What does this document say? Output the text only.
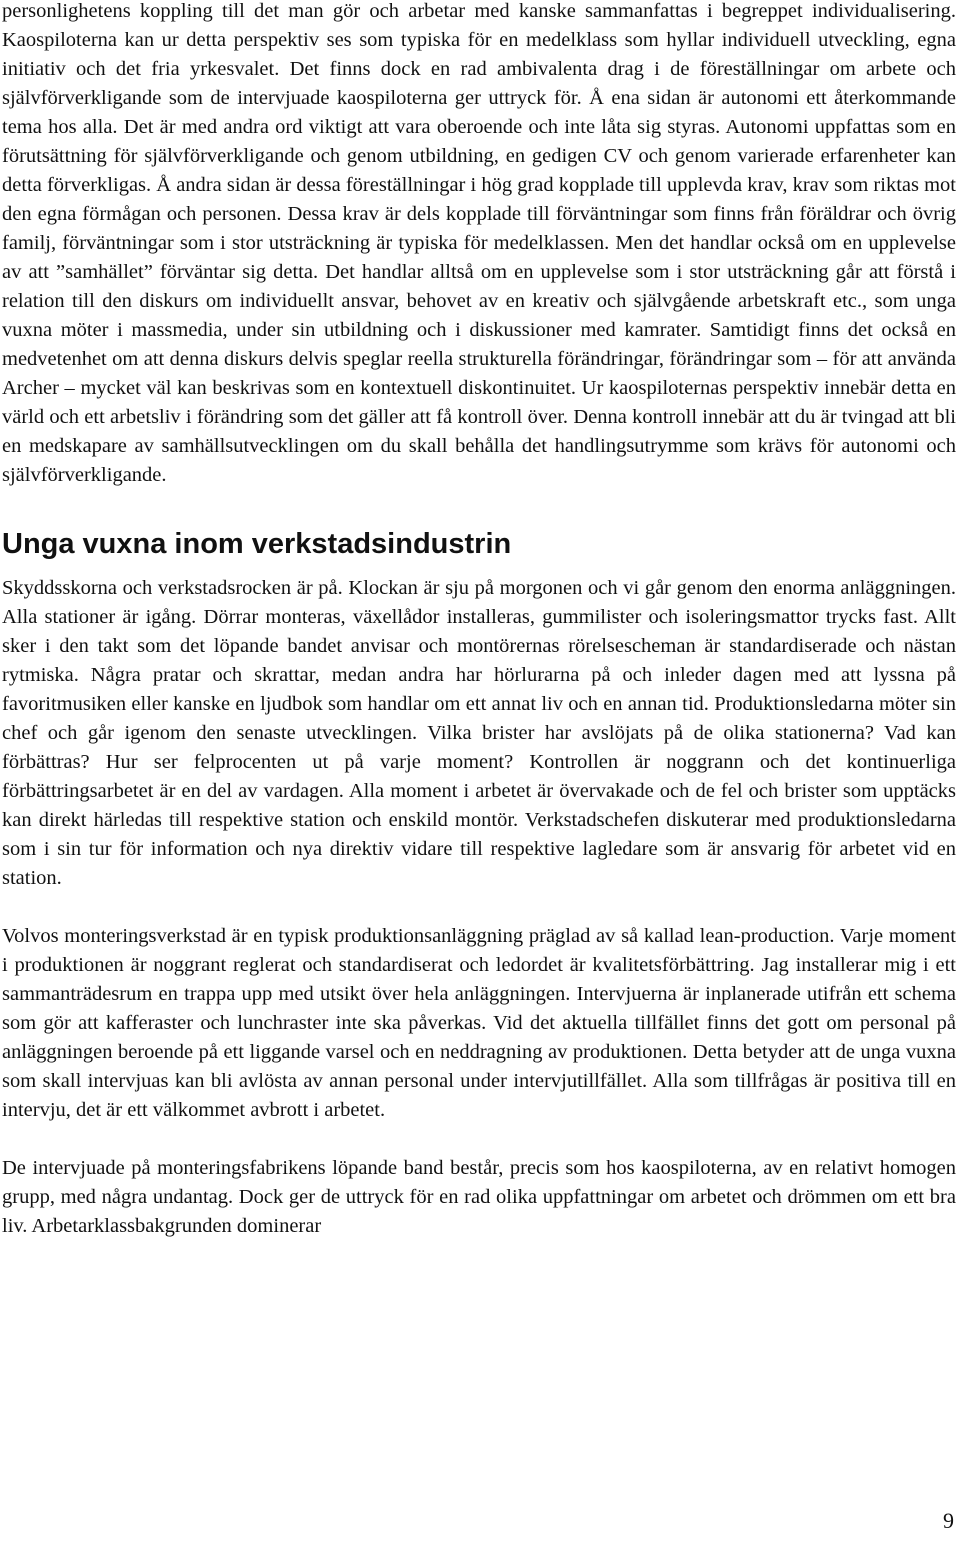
personlighetens koppling till det man gör och arbetar med kanske sammanfattas i begreppet individualisering. Kaospiloterna kan ur detta perspektiv ses som typiska för en medelklass som hyllar individuell utveckling, egna initiativ och det fria yrkesvalet. Det finns dock en rad ambivalenta drag i de föreställningar om arbete och självförverkligande som de intervjuade kaospiloterna ger uttryck för. Å ena sidan är autonomi ett återkommande tema hos alla. Det är med andra ord viktigt att vara oberoende och inte låta sig styras. Autonomi uppfattas som en förutsättning för självförverkligande och genom utbildning, en gedigen CV och genom varierade erfarenheter kan detta förverkligas. Å andra sidan är dessa föreställningar i hög grad kopplade till upplevda krav, krav som riktas mot den egna förmågan och personen. Dessa krav är dels kopplade till förväntningar som finns från föräldrar och övrig familj, förväntningar som i stor utsträckning är typiska för medelklassen. Men det handlar också om en upplevelse av att ”samhället” förväntar sig detta. Det handlar alltså om en upplevelse som i stor utsträckning går att förstå i relation till den diskurs om individuellt ansvar, behovet av en kreativ och självgående arbetskraft etc., som unga vuxna möter i massmedia, under sin utbildning och i diskussioner med kamrater. Samtidigt finns det också en medvetenhet om att denna diskurs delvis speglar reella strukturella förändringar, förändringar som – för att använda Archer – mycket väl kan beskrivas som en kontextuell diskontinuitet. Ur kaospiloternas perspektiv innebär detta en värld och ett arbetsliv i förändring som det gäller att få kontroll över. Denna kontroll innebär att du är tvingad att bli en medskapare av samhällsutvecklingen om du skall behålla det handlingsutrymme som krävs för autonomi och självförverkligande.

Unga vuxna inom verkstadsindustrin

Skyddsskorna och verkstadsrocken är på. Klockan är sju på morgonen och vi går genom den enorma anläggningen. Alla stationer är igång. Dörrar monteras, växellådor installeras, gummilister och isoleringsmattor trycks fast. Allt sker i den takt som det löpande bandet anvisar och montörernas rörelsescheman är standardiserade och nästan rytmiska. Några pratar och skrattar, medan andra har hörlurarna på och inleder dagen med att lyssna på favoritmusiken eller kanske en ljudbok som handlar om ett annat liv och en annan tid. Produktionsledarna möter sin chef och går igenom den senaste utvecklingen. Vilka brister har avslöjats på de olika stationerna? Vad kan förbättras? Hur ser felprocenten ut på varje moment? Kontrollen är noggrann och det kontinuerliga förbättringsarbetet är en del av vardagen. Alla moment i arbetet är övervakade och de fel och brister som upptäcks kan direkt härledas till respektive station och enskild montör. Verkstadschefen diskuterar med produktionsledarna som i sin tur för information och nya direktiv vidare till respektive lagledare som är ansvarig för arbetet vid en station.

Volvos monteringsverkstad är en typisk produktionsanläggning präglad av så kallad lean-production. Varje moment i produktionen är noggrant reglerat och standardiserat och ledordet är kvalitetsförbättring. Jag installerar mig i ett sammanträdesrum en trappa upp med utsikt över hela anläggningen. Intervjuerna är inplanerade utifrån ett schema som gör att kafferaster och lunchraster inte ska påverkas. Vid det aktuella tillfället finns det gott om personal på anläggningen beroende på ett liggande varsel och en neddragning av produktionen. Detta betyder att de unga vuxna som skall intervjuas kan bli avlösta av annan personal under intervjutillfället. Alla som tillfrågas är positiva till en intervju, det är ett välkommet avbrott i arbetet.

De intervjuade på monteringsfabrikens löpande band består, precis som hos kaospiloterna, av en relativt homogen grupp, med några undantag. Dock ger de uttryck för en rad olika uppfattningar om arbetet och drömmen om ett bra liv. Arbetarklassbakgrunden dominerar

9
